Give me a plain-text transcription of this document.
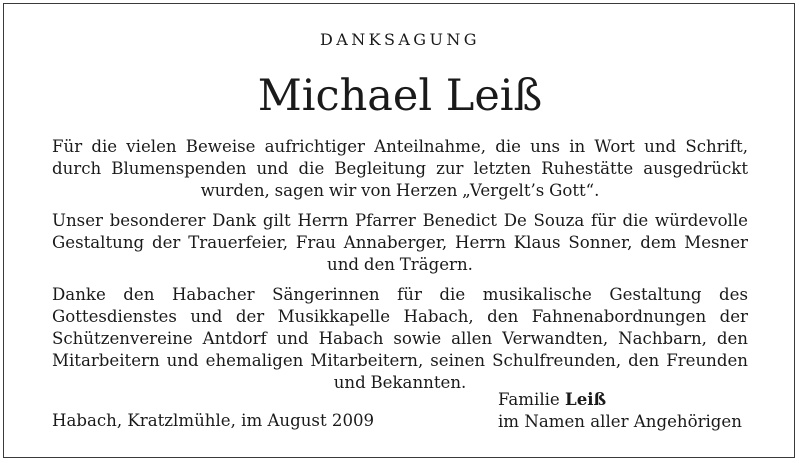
DANKSAGUNG
Michael Leiß
Für die vielen Beweise aufrichtiger Anteilnahme, die uns in Wort und Schrift, durch Blumenspenden und die Begleitung zur letzten Ruhestätte ausgedrückt wurden, sagen wir von Herzen „Vergelt’s Gott“.
Unser besonderer Dank gilt Herrn Pfarrer Benedict De Souza für die würdevolle Gestaltung der Trauerfeier, Frau Annaberger, Herrn Klaus Sonner, dem Mesner und den Trägern.
Danke den Habacher Sängerinnen für die musikalische Gestaltung des Gottesdienstes und der Musikkapelle Habach, den Fahnenabordnungen der Schützenvereine Antdorf und Habach sowie allen Verwandten, Nachbarn, den Mitarbeitern und ehemaligen Mitarbeitern, seinen Schulfreunden, den Freunden und Bekannten.
Habach, Kratzlmühle, im August 2009
Familie Leiß
im Namen aller Angehörigen
